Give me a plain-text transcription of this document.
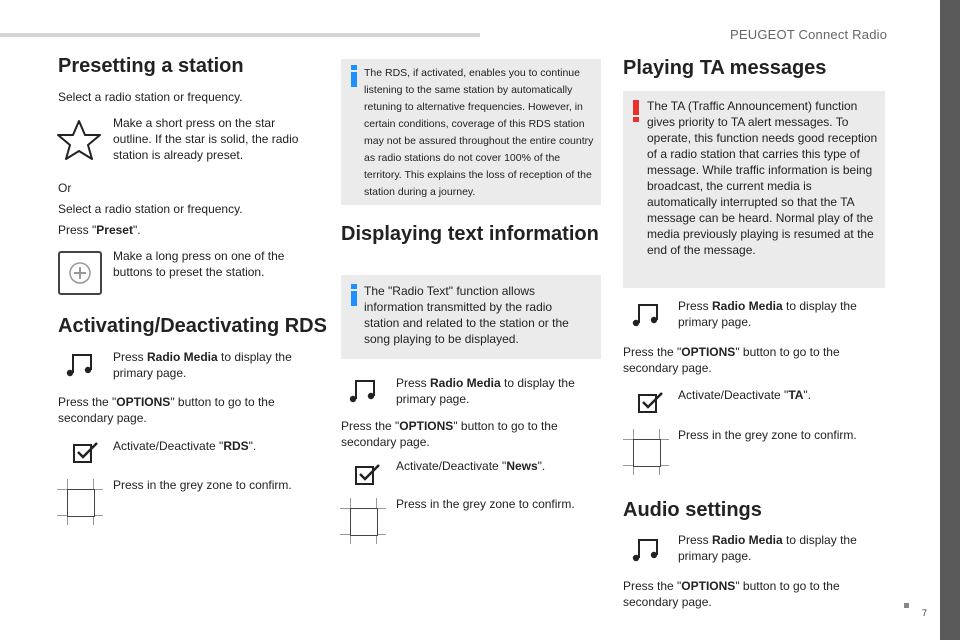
PEUGEOT Connect Radio
7
Presetting a station

Select a radio station or frequency.

Make a short press on the star outline. If the star is solid, the radio station is already preset.

Or

Select a radio station or frequency.

Press "Preset".

Make a long press on one of the buttons to preset the station.

Activating/Deactivating RDS

Press Radio Media to display the primary page.

Press the "OPTIONS" button to go to the secondary page.

Activate/Deactivate "RDS".

Press in the grey zone to confirm.

The RDS, if activated, enables you to continue listening to the same station by automatically retuning to alternative frequencies. However, in certain conditions, coverage of this RDS station may not be assured throughout the entire country as radio stations do not cover 100% of the territory. This explains the loss of reception of the station during a journey.
Displaying text information
The "Radio Text" function allows information transmitted by the radio station and related to the station or the song playing to be displayed.

Press Radio Media to display the primary page.

Press the "OPTIONS" button to go to the secondary page.

Activate/Deactivate "News".

Press in the grey zone to confirm.

Playing TA messages
The TA (Traffic Announcement) function gives priority to TA alert messages. To operate, this function needs good reception of a radio station that carries this type of message. While traffic information is being broadcast, the current media is automatically interrupted so that the TA message can be heard. Normal play of the media previously playing is resumed at the end of the message.

Press Radio Media to display the primary page.

Press the "OPTIONS" button to go to the secondary page.

Activate/Deactivate "TA".

Press in the grey zone to confirm.

Audio settings

Press Radio Media to display the primary page.

Press the "OPTIONS" button to go to the secondary page.
